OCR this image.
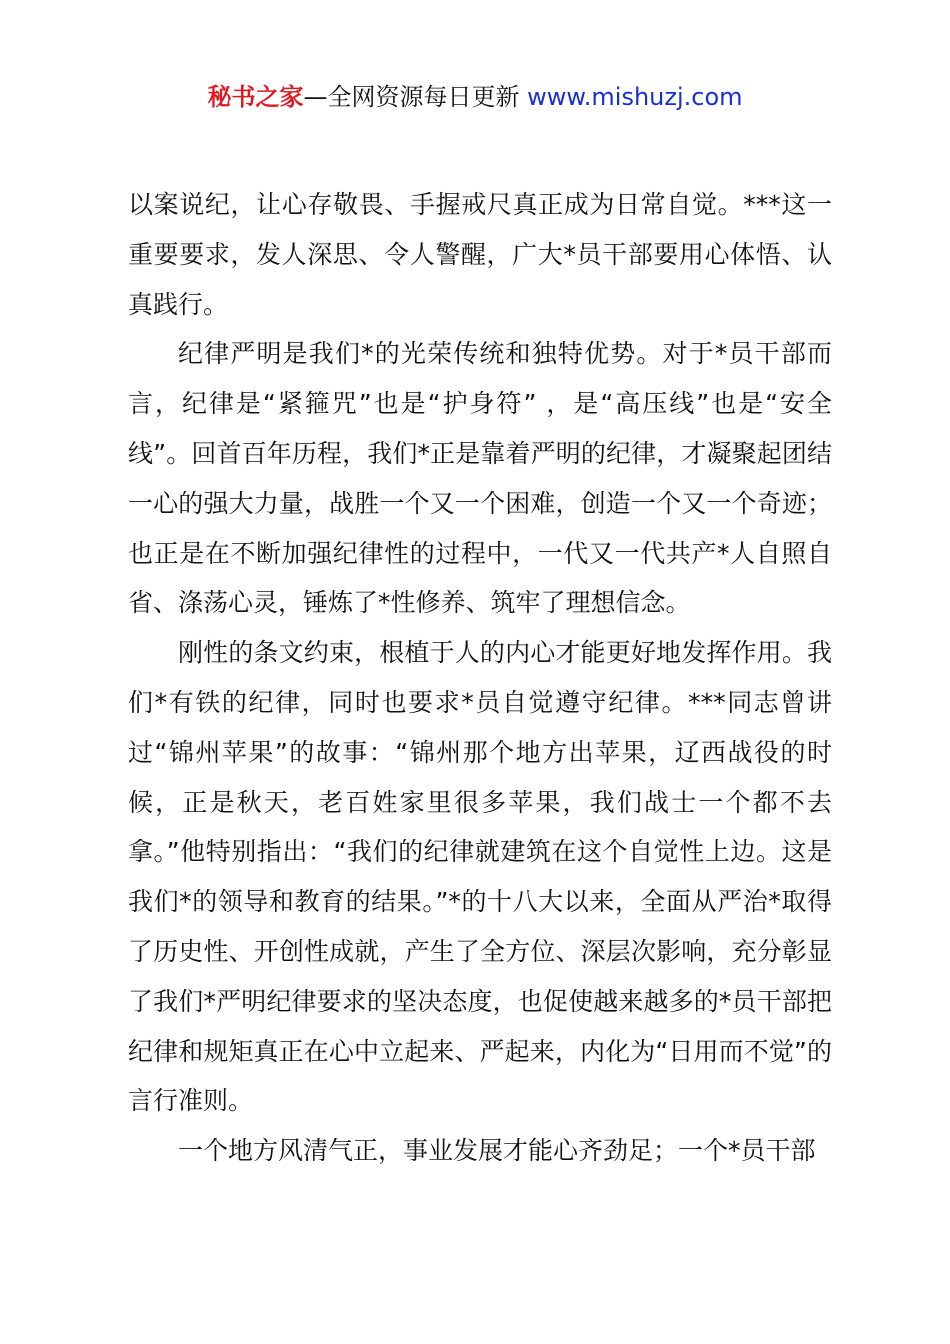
秘书之家—全网资源每日更新 www.mishuzj.com

以案说纪，让心存敬畏、手握戒尺真正成为日常自觉。***这一重要要求，发人深思、令人警醒，广大*员干部要用心体悟、认真践行。

纪律严明是我们*的光荣传统和独特优势。对于*员干部而言，纪律是“紧箍咒”也是“护身符” ，是“高压线”也是“安全线”。回首百年历程，我们*正是靠着严明的纪律，才凝聚起团结一心的强大力量，战胜一个又一个困难，创造一个又一个奇迹；也正是在不断加强纪律性的过程中，一代又一代共产*人自照自省、涤荡心灵，锤炼了*性修养、筑牢了理想信念。

刚性的条文约束，根植于人的内心才能更好地发挥作用。我们*有铁的纪律，同时也要求*员自觉遵守纪律。***同志曾讲过“锦州苹果”的故事：“锦州那个地方出苹果，辽西战役的时候，正是秋天，老百姓家里很多苹果，我们战士一个都不去拿。”他特别指出：“我们的纪律就建筑在这个自觉性上边。这是我们*的领导和教育的结果。”*的十八大以来，全面从严治*取得了历史性、开创性成就，产生了全方位、深层次影响，充分彰显了我们*严明纪律要求的坚决态度，也促使越来越多的*员干部把纪律和规矩真正在心中立起来、严起来，内化为“日用而不觉”的言行准则。

一个地方风清气正，事业发展才能心齐劲足；一个*员干部
